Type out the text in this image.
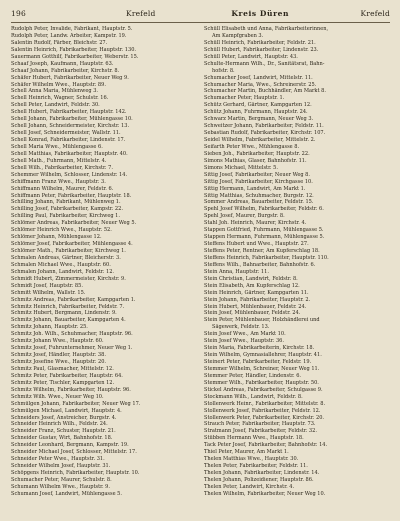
196	Krefeld	Kreis Düren	Krefeld
Rudolph Peter, Invalide, Fabrikant, Hauptstr. 5.
Rudolph Peter, Landw. Arbeiter, Kampstr. 19.
Salentin Rudolf, Färber, Bleichstr. 27.
Salentin Heinrich, Fabrikarbeiter, Hauptstr. 130.
Sauermann Gotthilf, Fabrikarbeiter, Weberstr. 15.
Schaaf Joseph, Kaufmann, Hauptstr. 63.
Schaaf Johann, Fabrikarbeiter, Kirchstr. 8.
Schäfer Hubert, Fabrikarbeiter, Neuer Weg 9.
Schäfer Wilhelm Wwe., Hauptstr. 89.
Schell Anna Maria, Mühlenweg 3.
Schell Heinrich, Wagner, Schulstr. 16.
Schell Peter, Landwirt, Feldstr. 30.
Schell Hubert, Fabrikarbeiter, Hauptstr. 142.
Schell Johann, Fabrikarbeiter, Mühlengasse 10.
Schell Johann, Schneidermeister, Kirchstr. 13.
Schell Josef, Schneidermeister, Wallstr. 11.
Schell Konrad, Fabrikarbeiter, Lindenstr. 17.
Schell Maria Wwe., Mühlengasse 6.
Schell Matthias, Fabrikarbeiter, Hauptstr. 40.
Schell Math., Fuhrmann, Mittelstr. 4.
Schell Wilh., Fabrikarbeiter, Kirchstr. 7.
Schemmer Wilhelm, Schlosser, Lindenstr. 14.
Schiffmann Franz Wwe., Hauptstr. 3.
Schiffmann Wilhelm, Maurer, Feldstr. 6.
Schiffmann Peter, Fabrikarbeiter, Hauptstr. 18.
Schilling Johann, Fabrikant, Mühlenweg 1.
Schilling Josef, Fabrikarbeiter, Kampstr. 22.
Schilling Paul, Fabrikarbeiter, Kirchweg 1.
Schlömer Andreas, Fabrikarbeiter, Neuer Weg 5.
Schlömer Heinrich Wwe., Hauptstr. 52.
Schlömer Johann, Mühlengasse 12.
Schlömer Josef, Fabrikarbeiter, Mühlengasse 4.
Schlömer Math., Fabrikarbeiter, Kirchweg 1.
Schmalen Andreas, Gärtner, Bleicherstr. 3.
Schmalen Michael Wwe., Hauptstr. 60.
Schmalen Johann, Landwirt, Feldstr. 12.
Schmidt Hubert, Zimmermeister, Kirchstr. 9.
Schmidt Josef, Hauptstr. 85.
Schmitt Wilhelm, Wallstr. 15.
Schmitz Andreas, Fabrikarbeiter, Kampgarten 1.
Schmitz Heinrich, Fabrikarbeiter, Feldstr. 7.
Schmitz Hubert, Bergmann, Lindenstr. 9.
Schmitz Johann, Bauarbeiter, Kampgarten 4.
Schmitz Johann, Hauptstr. 25.
Schmitz Joh. Wilh., Schuhmacher, Hauptstr. 96.
Schmitz Johann Wwe., Hauptstr. 60.
Schmitz Josef, Fuhrunternehmer, Neuer Weg 1.
Schmitz Josef, Händler, Hauptstr. 38.
Schmitz Josefine Wwe., Hauptstr. 20.
Schmitz Paul, Glasmacher, Mittelstr. 12.
Schmitz Peter, Fabrikarbeiter, Hauptstr. 64.
Schmitz Peter, Tischler, Kampgarten 12.
Schmitz Wilhelm, Fabrikarbeiter, Hauptstr. 96.
Schmitz Wilh. Wwe., Neuer Weg 10.
Schmülgen Johann, Fabrikarbeiter, Neuer Weg 17.
Schmülgen Michael, Landwirt, Hauptstr. 4.
Schneiders Josef, Anstreicher, Burgstr. 4.
Schneider Heinrich Wilh., Feldstr. 24.
Schneider Franz, Schuster, Hauptstr. 21.
Schneider Gustav, Wirt, Bahnhofstr. 18.
Schneider Leonhard, Bergmann, Kampstr. 19.
Schneider Michael Josef, Schlosser, Mittelstr. 17.
Schneider Peter Wwe., Hauptstr. 31.
Schneider Wilhelm Josef, Hauptstr. 31.
Schöpgens Heinrich, Fabrikarbeiter, Hauptstr. 10.
Schumacher Peter, Maurer, Schulstr. 8.
Schumann Wilhelm Wwe., Hauptstr. 9.
Schumann Josef, Landwirt, Mühlengasse 5.
Schüll Elisabeth und Anna, Fabrikarbeiterinnen,
Am Kampfgraben 3.
Schüll Heinrich, Fabrikarbeiter, Feldstr. 21.
Schüll Hubert, Fabrikarbeiter, Lindenstr. 23.
Schüll Peter, Landwirt, Hauptstr. 43.
Schulte-Hermann Wilh., Dr., Sanitätsrat, Bahn-
hofstr. 8.
Schumacher Josef, Landwirt, Mittelstr. 11.
Schumacher Maria, Wwe., Schreinerstr. 25.
Schumacher Martin, Buchhändler, Am Markt 8.
Schumacher Peter, Hauptstr. 1.
Schütz Gerhard, Gärtner, Kampgarten 12.
Schütz Johann, Fuhrmann, Hauptstr. 24.
Schwarz Martin, Bergmann, Neuer Weg 3.
Schweitzer Johann, Fabrikarbeiter, Feldstr. 11.
Sebastian Rudolf, Fabrikarbeiter, Kirchstr. 107.
Seidel Wilhelm, Fabrikarbeiter, Mittelstr. 2.
Seifarth Peter Wwe., Mühlengasse 8.
Sieben Joh., Fabrikarbeiter, Hauptstr. 22.
Simons Mathias, Glaser, Bahnhofstr. 11.
Simons Michael, Mittelstr. 5.
Sittig Josef, Fabrikarbeiter, Neuer Weg 8.
Sittig Josef, Fabrikarbeiter, Kirchgasse 10.
Sittig Hermann, Landwirt, Am Markt 1.
Sittig Matthias, Schuhmacher, Burgstr. 12.
Sommer Andreas, Bauarbeiter, Feldstr. 15.
Spehl Josef Wilhelm, Fabrikarbeiter, Feldstr. 6.
Spehl Josef, Maurer, Burgstr. 8.
Stahl Joh. Heinrich, Maurer, Kirchstr. 4.
Stappen Gottfried, Fuhrmann, Mühlengasse 5.
Stappen Hermann, Fuhrmann, Mühlengasse 5.
Steffens Hubert und Wwe., Hauptstr. 27.
Steffens Peter, Rentner, Am Kupferschlag 18.
Steffens Heinrich, Fabrikarbeiter, Hauptstr. 110.
Steffens Wilh., Bahnarbeiter, Bahnhofstr. 6.
Stein Anna, Hauptstr. 11.
Stein Christian, Landwirt, Feldstr. 8.
Stein Elisabeth, Am Kupferschlag 12.
Stein Heinrich, Gärtner, Kampgarten 11.
Stein Johann, Fabrikarbeiter, Hauptstr. 2.
Stein Hubert, Mühlenbauer, Feldstr. 24.
Stein Josef, Mühlenbauer, Feldstr. 24.
Stein Peter, Mühlenbauer, Holzhändlerei und
Sägewerk, Feldstr. 13.
Stein Josef Wwe., Am Markt 10.
Stein Josef Wwe., Hauptstr. 36.
Stein Maria, Fabrikarbeiterin, Kirchstr. 18.
Stein Wilhelm, Gymnasiallehrer, Hauptstr. 41.
Steinert Peter, Fabrikarbeiter, Feldstr. 19.
Stemmer Wilhelm, Schreiner, Neuer Weg 11.
Stemmer Peter, Händler, Lindenstr. 6.
Stemmer Wilh., Fabrikarbeiter, Hauptstr. 50.
Stickel Andreas, Fabrikarbeiter, Schulgasse 9.
Stockmann Wilh., Landwirt, Feldstr. 8.
Stollenwerk Heinr., Fabrikarbeiter, Mittelstr. 8.
Stollenwerk Josef, Fabrikarbeiter, Feldstr. 12.
Stollenwerk Peter, Fabrikarbeiter, Kirchstr. 20.
Strauch Peter, Fabrikarbeiter, Hauptstr. 73.
Stratmann Josef, Fabrikarbeiter, Feldstr. 32.
Stübben Hermann Wwe., Hauptstr. 18.
Tack Peter Josef, Fabrikarbeiter, Bahnhofstr. 14.
Thiel Peter, Maurer, Am Markt 1.
Thelen Matthias Wwe., Hauptstr. 30.
Thelen Peter, Fabrikarbeiter, Feldstr. 11.
Thelen Johann, Fabrikarbeiter, Lindenstr. 14.
Thelen Johann, Polizeidiener, Hauptstr. 86.
Thelen Peter, Landwirt, Kirchstr. 4.
Thelen Wilhelm, Fabrikarbeiter, Neuer Weg 10.
